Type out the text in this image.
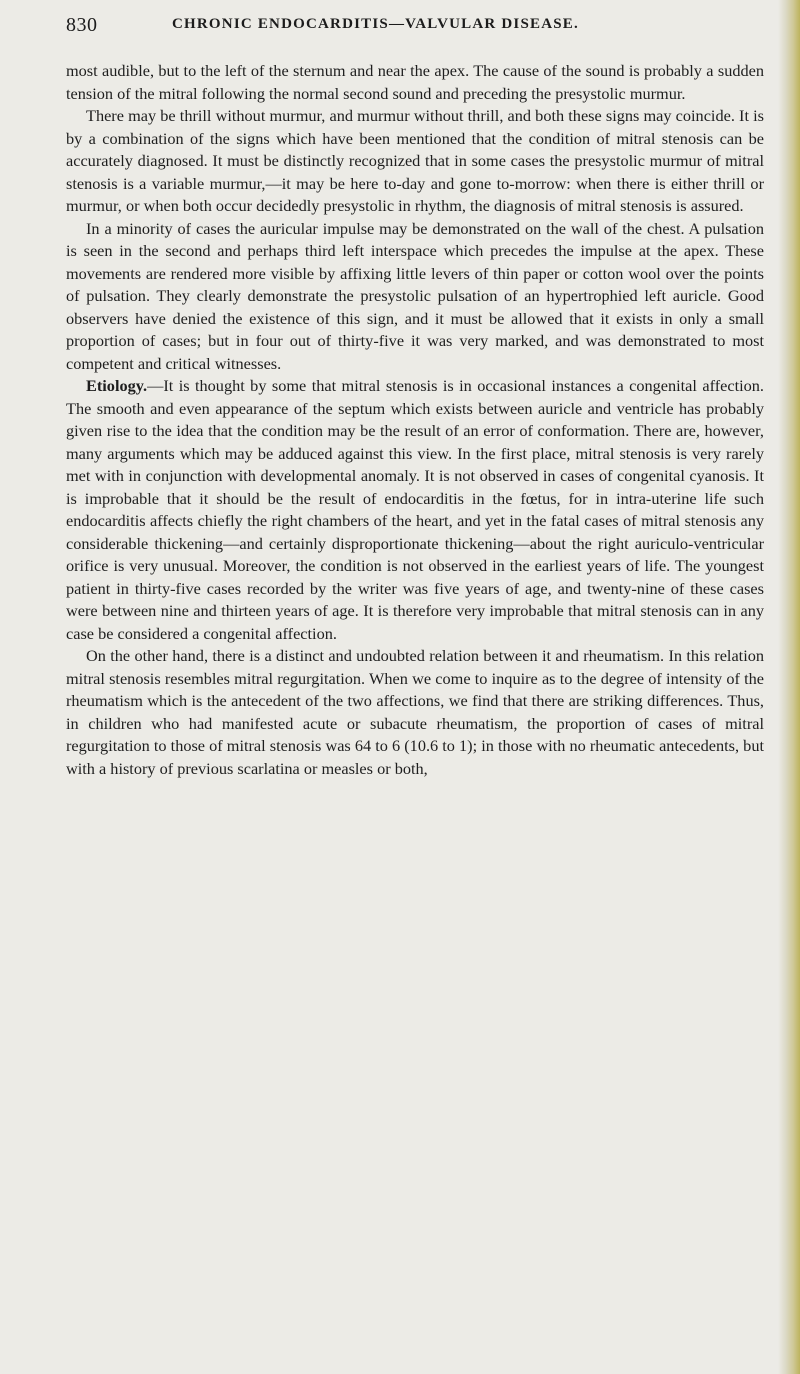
830	CHRONIC ENDOCARDITIS—VALVULAR DISEASE.

most audible, but to the left of the sternum and near the apex. The cause of the sound is probably a sudden tension of the mitral following the normal second sound and preceding the presystolic murmur.

There may be thrill without murmur, and murmur without thrill, and both these signs may coincide. It is by a combination of the signs which have been mentioned that the condition of mitral stenosis can be accurately diagnosed. It must be distinctly recognized that in some cases the presystolic murmur of mitral stenosis is a variable murmur,—it may be here to-day and gone to-morrow: when there is either thrill or murmur, or when both occur decidedly presystolic in rhythm, the diagnosis of mitral stenosis is assured.

In a minority of cases the auricular impulse may be demonstrated on the wall of the chest. A pulsation is seen in the second and perhaps third left interspace which precedes the impulse at the apex. These movements are rendered more visible by affixing little levers of thin paper or cotton wool over the points of pulsation. They clearly demonstrate the presystolic pulsation of an hypertrophied left auricle. Good observers have denied the existence of this sign, and it must be allowed that it exists in only a small proportion of cases; but in four out of thirty-five it was very marked, and was demonstrated to most competent and critical witnesses.

Etiology.—It is thought by some that mitral stenosis is in occasional instances a congenital affection. The smooth and even appearance of the septum which exists between auricle and ventricle has probably given rise to the idea that the condition may be the result of an error of conformation. There are, however, many arguments which may be adduced against this view. In the first place, mitral stenosis is very rarely met with in conjunction with developmental anomaly. It is not observed in cases of congenital cyanosis. It is improbable that it should be the result of endocarditis in the fœtus, for in intra-uterine life such endocarditis affects chiefly the right chambers of the heart, and yet in the fatal cases of mitral stenosis any considerable thickening—and certainly disproportionate thickening—about the right auriculo-ventricular orifice is very unusual. Moreover, the condition is not observed in the earliest years of life. The youngest patient in thirty-five cases recorded by the writer was five years of age, and twenty-nine of these cases were between nine and thirteen years of age. It is therefore very improbable that mitral stenosis can in any case be considered a congenital affection.

On the other hand, there is a distinct and undoubted relation between it and rheumatism. In this relation mitral stenosis resembles mitral regurgitation. When we come to inquire as to the degree of intensity of the rheumatism which is the antecedent of the two affections, we find that there are striking differences. Thus, in children who had manifested acute or subacute rheumatism, the proportion of cases of mitral regurgitation to those of mitral stenosis was 64 to 6 (10.6 to 1); in those with no rheumatic antecedents, but with a history of previous scarlatina or measles or both,
